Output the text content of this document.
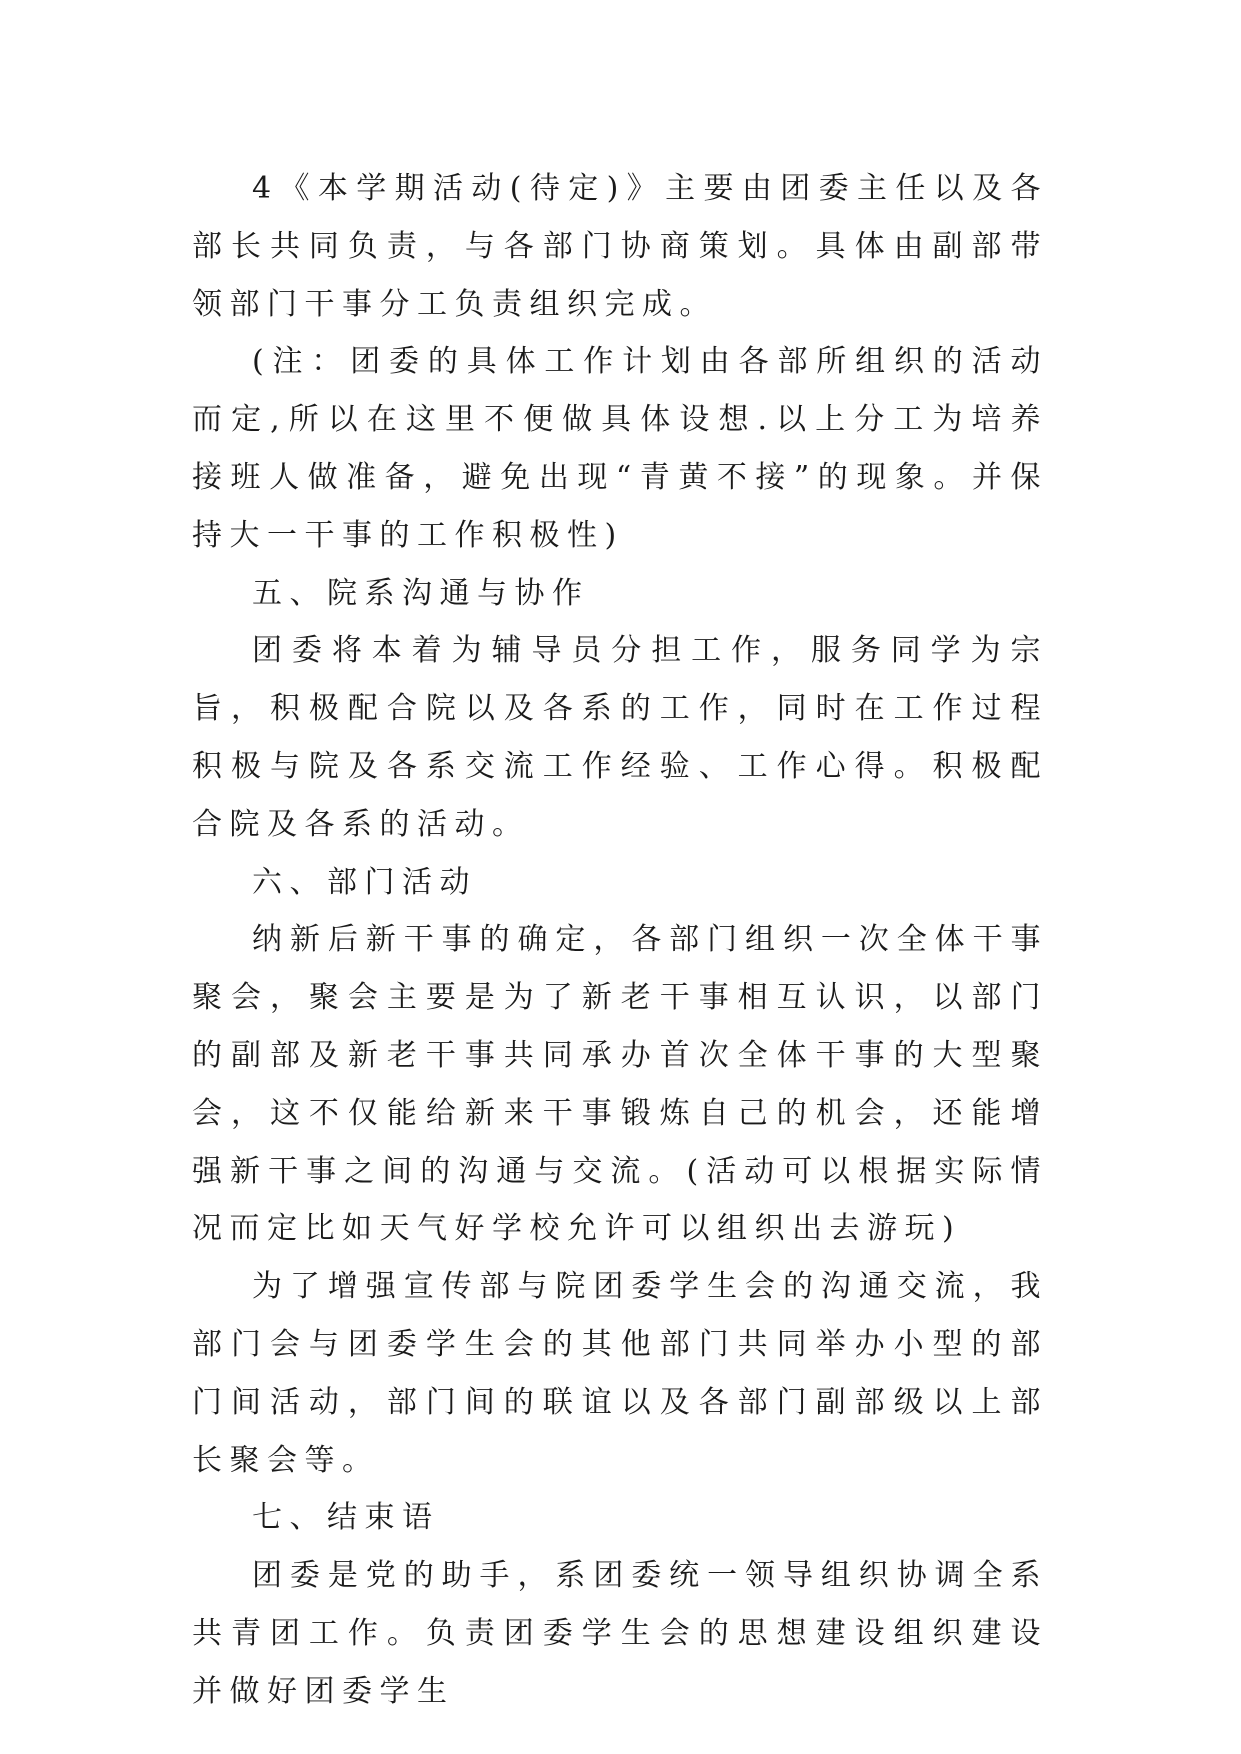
4《本学期活动(待定)》主要由团委主任以及各部长共同负责，与各部门协商策划。具体由副部带领部门干事分工负责组织完成。

(注：团委的具体工作计划由各部所组织的活动而定,所以在这里不便做具体设想.以上分工为培养接班人做准备，避免出现“青黄不接”的现象。并保持大一干事的工作积极性)

五、院系沟通与协作

团委将本着为辅导员分担工作，服务同学为宗旨，积极配合院以及各系的工作，同时在工作过程积极与院及各系交流工作经验、工作心得。积极配合院及各系的活动。

六、部门活动

纳新后新干事的确定，各部门组织一次全体干事聚会，聚会主要是为了新老干事相互认识，以部门的副部及新老干事共同承办首次全体干事的大型聚会，这不仅能给新来干事锻炼自己的机会，还能增强新干事之间的沟通与交流。(活动可以根据实际情况而定比如天气好学校允许可以组织出去游玩)

为了增强宣传部与院团委学生会的沟通交流，我部门会与团委学生会的其他部门共同举办小型的部门间活动，部门间的联谊以及各部门副部级以上部长聚会等。

七、结束语

团委是党的助手，系团委统一领导组织协调全系共青团工作。负责团委学生会的思想建设组织建设并做好团委学生
